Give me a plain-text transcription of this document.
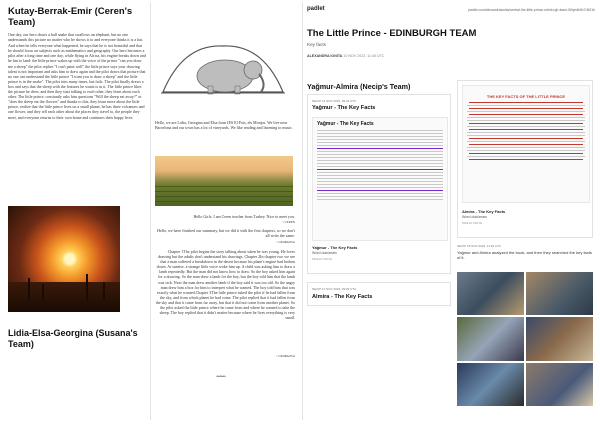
Kutay-Berrak-Emir (Ceren's Team)

One day, our hero draws a ball snake that swallows an elephant, but no one understands this picture no matter who he shows it to and everyone thinks it is a hat.

And when he tells everyone what happened, he says that he is not beautiful and that he should focus on subjects such as mathematics and geography. Our hero becomes a pilot after a long time and one day, while flying in Africa, his engine breaks down and he has to land: the little prince wakes up with the voice of the prince "can you draw me a sheep" the pilot replies "I can't paint well" the little prince says your drawing talent is not important and asks him to draw again and the pilot draws that picture that no one can understand the little prince "I want you to draw a sheep" and the little prince is in the snake". The pilot tries many times, but fails. The pilot finally draws a box and says that the sheep with the features he wants is in it. The little prince likes the picture he drew, and then they start talking to each other, they learn about each other. The little prince, constantly asks him questions "Will the sheep eat away?" or "does the sheep eat the flowers" and thanks to this, they learn more about the little prince, realize that the little prince lives on a small planet, he has three volcanoes and one flower, and they tell each other about the places they travel to, the people they meet, and everyone returns to their own home and continues their happy lives.

Lidia-Elsa-Georgina (Susana's Team)
Hello, we are Lidia, Georgina and Elsa from IES El Pois, els Monjos. We live near Barcelona and our town has a lot of vineyards. We like reading and listening to music.
Hello Girls. I am Ceren teacher from Turkey. Nice to meet you.
~ CEREN
Hello, we have finished our summary, but we did it with the first chapters, so we don't all write the same.
~ GEORGINA
Chapter 1The pilot begins the story talking about when he was young. He loves drawing but the adults don't understand his drawings. Chapter 2In chapter two we see that a man suffered a breakdown in the desert because his plane's engine had broken down. At sunrise, a strange little voice woke him up. A child was asking him to draw a lamb repeatedly. But the man did not know how to draw. So the boy asked him again for a drawing. So the man drew a lamb for the boy, but the boy told him that the lamb was sick. Next the man drew another lamb if the boy said it was too old. So the angry man drew him a box for him to interpret what he wanted. The boy told him that was exactly what he wanted.Chapter 3The little prince asked the pilot if he had fallen from the sky, and from which planet he had come. The pilot replied that it had fallen from the sky and that it came from far away, but that it did not come from another planet. So the pilot asked the little prince where he came from and where he wanted to take the sheep. The boy replied that it didn't matter because where he lives everything is very small.
~ GEORGINA
******
padlet	padlet.com/alexandraionita/central-the-little-prince-edinb.rgh-team-50iym84fv7r5i21b
The Little Prince - EDINBURGH TEAM
Key facts
ALEXANDRA IONITA 10 NOV 2023, 11:45 UTC
Yağmur-Almira (Necip's Team)
NECIP 14 NOV 2023, 09:44 UTC
Yağmur - The Key Facts
Yağmur - The Key Facts
Yağmur - The Key Facts
Word dokümanı
PADLET DRIVE
NECIP 17 NOV 2023, 09:09 UTC
Almira - The Key Facts
THE KEY FACTS OF THE LITTLE PRINCE
Almira - The Key Facts
Word dokümanı
PADLET DRIVE
NECIP 15 NOV 2023, 11:23 UTC
Yağmur and Almira analyzed the book, and then they searched the key facts of it.
